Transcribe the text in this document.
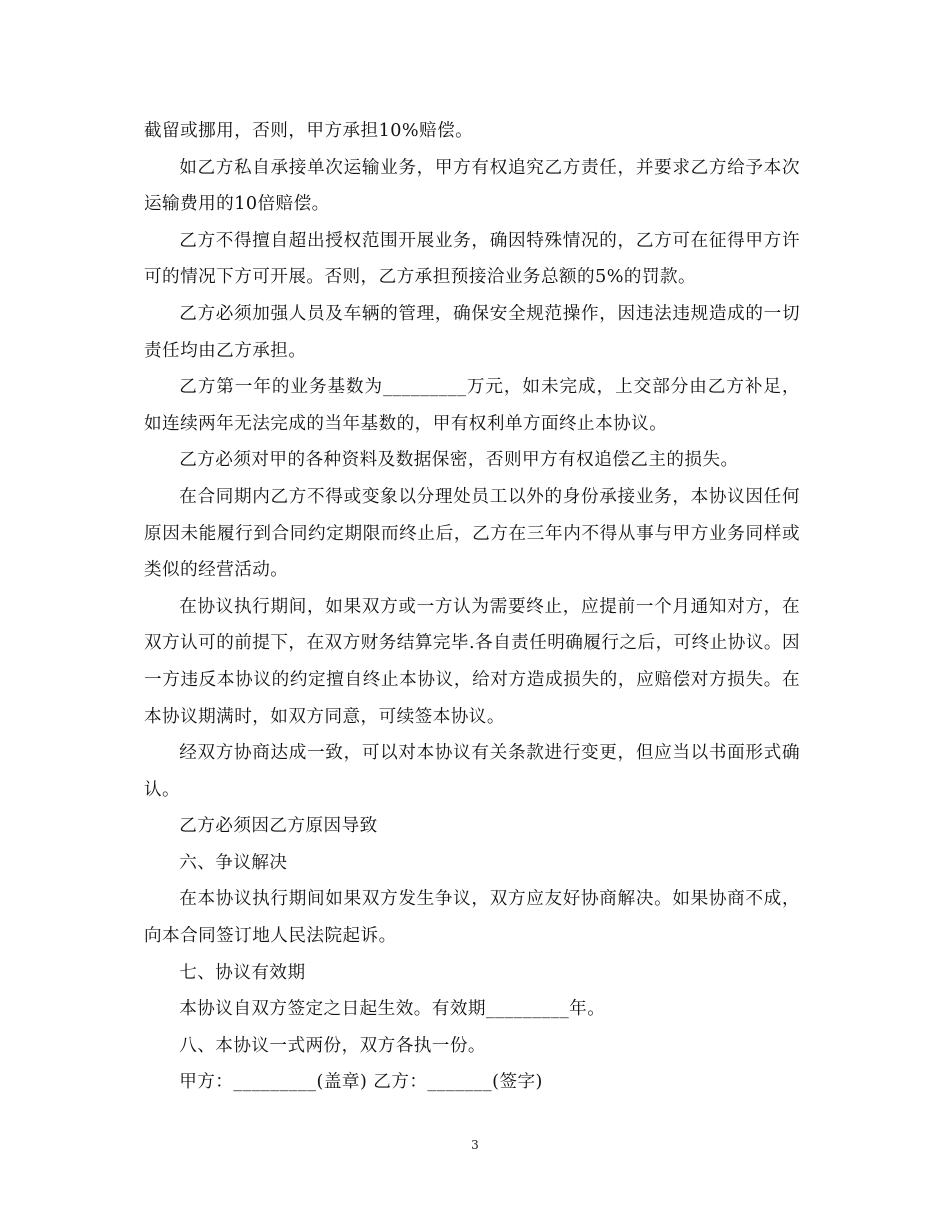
截留或挪用，否则，甲方承担10%赔偿。

如乙方私自承接单次运输业务，甲方有权追究乙方责任，并要求乙方给予本次运输费用的10倍赔偿。

乙方不得擅自超出授权范围开展业务，确因特殊情况的，乙方可在征得甲方许可的情况下方可开展。否则，乙方承担预接洽业务总额的5%的罚款。

乙方必须加强人员及车辆的管理，确保安全规范操作，因违法违规造成的一切责任均由乙方承担。

乙方第一年的业务基数为_________万元，如未完成，上交部分由乙方补足，如连续两年无法完成的当年基数的，甲有权利单方面终止本协议。

乙方必须对甲的各种资料及数据保密，否则甲方有权追偿乙主的损失。

在合同期内乙方不得或变象以分理处员工以外的身份承接业务，本协议因任何原因未能履行到合同约定期限而终止后，乙方在三年内不得从事与甲方业务同样或类似的经营活动。

在协议执行期间，如果双方或一方认为需要终止，应提前一个月通知对方，在双方认可的前提下，在双方财务结算完毕.各自责任明确履行之后，可终止协议。因一方违反本协议的约定擅自终止本协议，给对方造成损失的，应赔偿对方损失。在本协议期满时，如双方同意，可续签本协议。

经双方协商达成一致，可以对本协议有关条款进行变更，但应当以书面形式确认。

乙方必须因乙方原因导致

六、争议解决

在本协议执行期间如果双方发生争议，双方应友好协商解决。如果协商不成，向本合同签订地人民法院起诉。

七、协议有效期

本协议自双方签定之日起生效。有效期_________年。

八、本协议一式两份，双方各执一份。

甲方：_________(盖章) 乙方：_______(签字)

3
